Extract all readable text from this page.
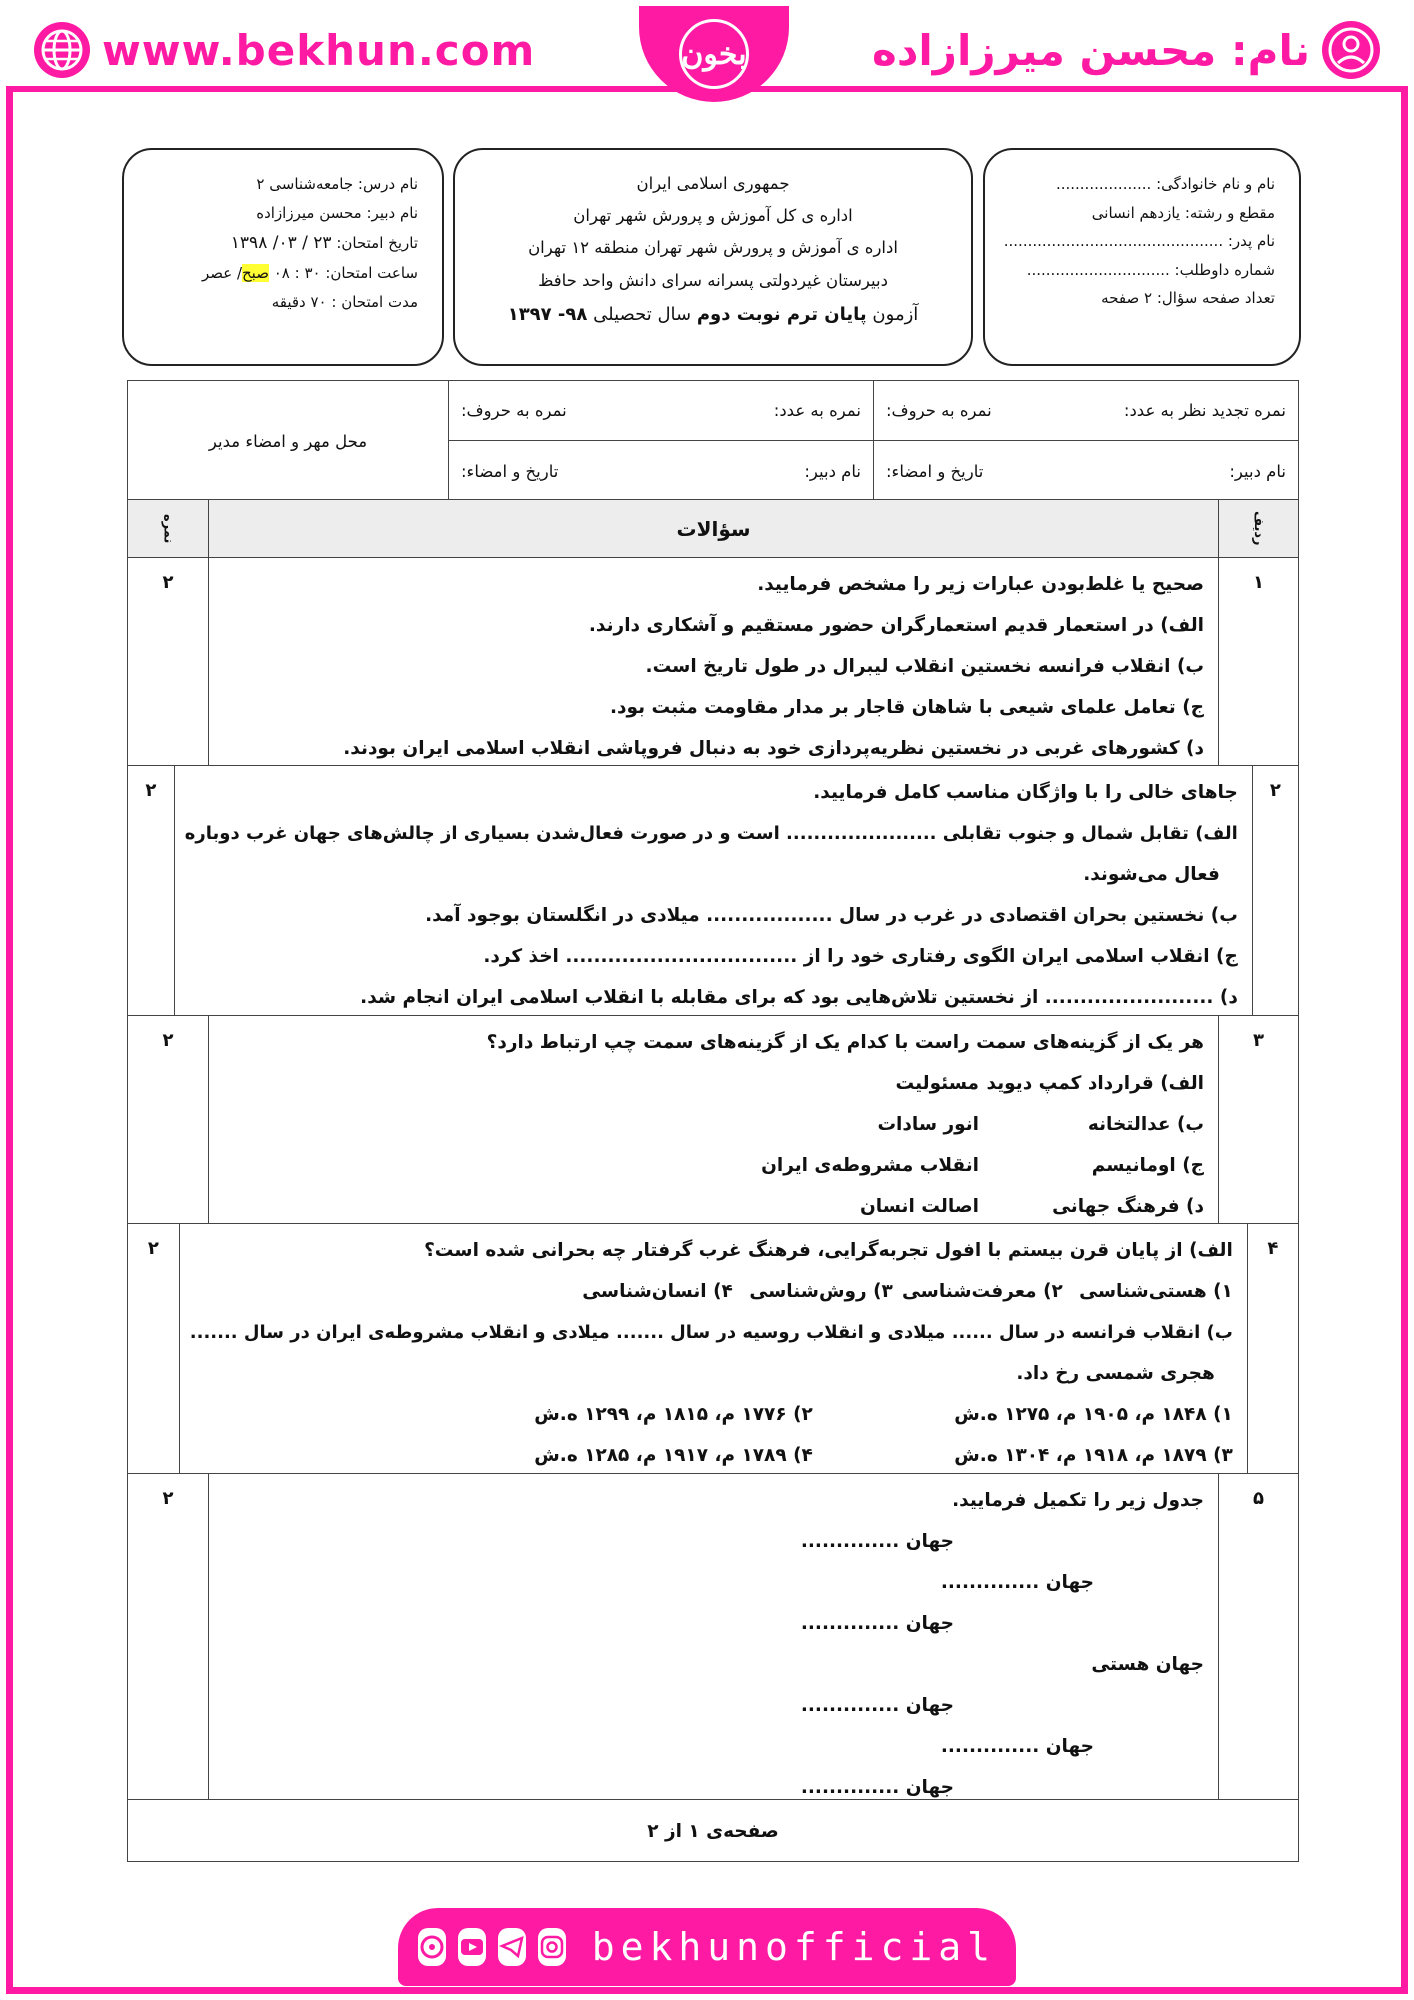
www.bekhun.com	نام: محسن میرزازاده
بخون
نام و نام خانوادگی: ....................
مقطع و رشته: یازدهم انسانی
نام پدر: ..............................................
شماره داوطلب: ..............................
تعداد صفحه سؤال: ۲ صفحه
جمهوری اسلامی ایران
اداره ی کل آموزش و پرورش شهر تهران
اداره ی آموزش و پرورش شهر تهران منطقه ۱۲ تهران
دبیرستان غیردولتی پسرانه سرای دانش واحد حافظ
آزمون پایان ترم نوبت دوم سال تحصیلی ۹۸- ۱۳۹۷
نام درس: جامعه‌شناسی ۲
نام دبیر: محسن میرزازاده
تاریخ امتحان: ۲۳ / ۰۳/ ۱۳۹۸
ساعت امتحان: ۳۰ : ۰۸ صبح/ عصر
مدت امتحان : ۷۰ دقیقه
نمره تجدید نظر به عدد:
نمره به حروف:
نمره به عدد:
نمره به حروف:
محل مهر و امضاء مدیر
نام دبیر:
تاریخ و امضاء:
نام دبیر:
تاریخ و امضاء:
ردیف
سؤالات
نمره
۱
صحیح یا غلط‌بودن عبارات زیر را مشخص فرمایید.
الف) در استعمار قدیم استعمارگران حضور مستقیم و آشکاری دارند.
ب) انقلاب فرانسه نخستین انقلاب لیبرال در طول تاریخ است.
ج) تعامل علمای شیعی با شاهان قاجار بر مدار مقاومت مثبت بود.
د) کشورهای غربی در نخستین نظریه‌پردازی خود به دنبال فروپاشی انقلاب اسلامی ایران بودند.
۲
۲
جاهای خالی را با واژگان مناسب کامل فرمایید.
الف) تقابل شمال و جنوب تقابلی ...................... است و در صورت فعال‌شدن بسیاری از چالش‌های جهان غرب دوباره
فعال می‌شوند.
ب) نخستین بحران اقتصادی در غرب در سال .................. میلادی در انگلستان بوجود آمد.
ج) انقلاب اسلامی ایران الگوی رفتاری خود را از ................................. اخذ کرد.
د) ........................ از نخستین تلاش‌هایی بود که برای مقابله با انقلاب اسلامی ایران انجام شد.
۲
۳
هر یک از گزینه‌های سمت راست با کدام یک از گزینه‌های سمت چپ ارتباط دارد؟
الف) قرارداد کمپ دیوید
مسئولیت
ب) عدالتخانه
انور سادات
ج) اومانیسم
انقلاب مشروطه‌ی ایران
د) فرهنگ جهانی
اصالت انسان
۲
۴
الف) از پایان قرن بیستم با افول تجربه‌گرایی، فرهنگ غرب گرفتار چه بحرانی شده است؟
۱) هستی‌شناسی
۲) معرفت‌شناسی
۳) روش‌شناسی
۴) انسان‌شناسی
ب) انقلاب فرانسه در سال ...... میلادی و انقلاب روسیه در سال ....... میلادی و انقلاب مشروطه‌ی ایران در سال .......
هجری شمسی رخ داد.
۱) ۱۸۴۸ م، ۱۹۰۵ م، ۱۲۷۵ ه.ش
۲) ۱۷۷۶ م، ۱۸۱۵ م، ۱۲۹۹ ه.ش
۳) ۱۸۷۹ م، ۱۹۱۸ م، ۱۳۰۴ ه.ش
۴) ۱۷۸۹ م، ۱۹۱۷ م، ۱۲۸۵ ه.ش
۲
۵
جدول زیر را تکمیل فرمایید.
جهان ..............
جهان ..............
جهان ..............
جهان هستی
جهان ..............
جهان ..............
جهان ..............
۲
صفحه‌ی ۱ از ۲
bekhunofficial
